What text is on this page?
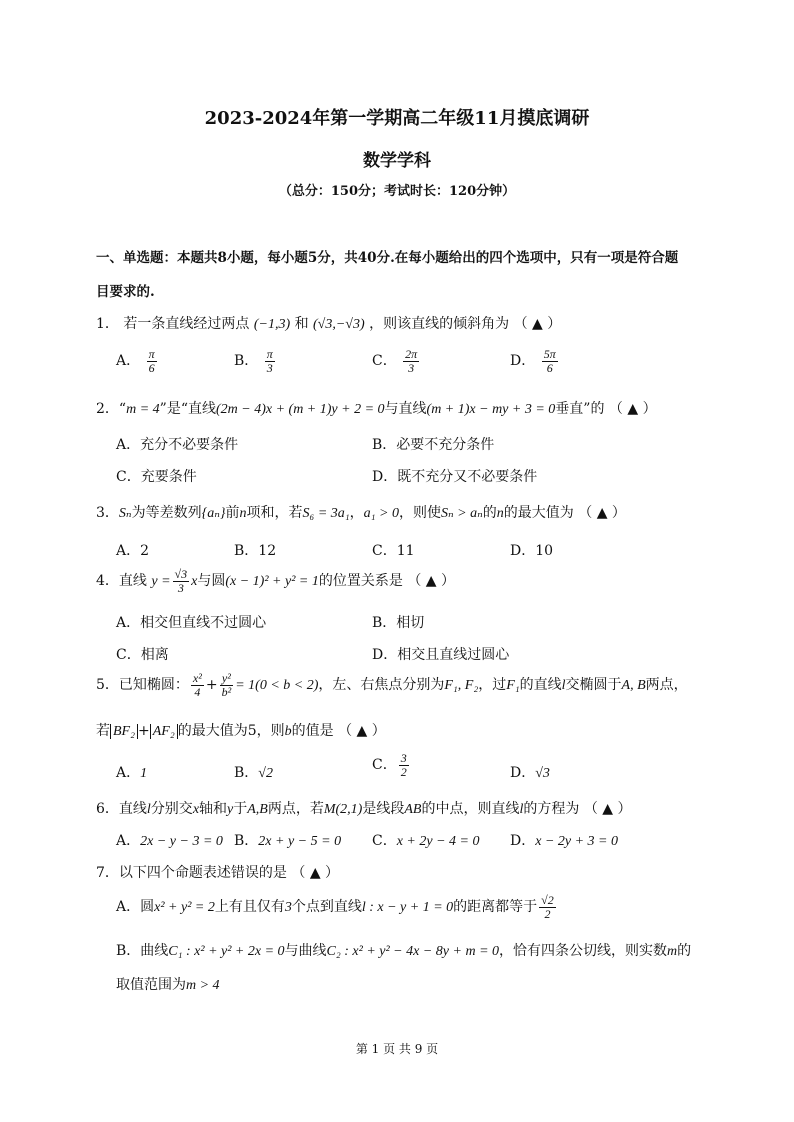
2023-2024年第一学期高二年级11月摸底调研
数学学科
（总分：150分；考试时长：120分钟）
一、单选题：本题共8小题，每小题5分，共40分.在每小题给出的四个选项中，只有一项是符合题
目要求的.
1． 若一条直线经过两点 (−1,3) 和 (√3,−√3) ，则该直线的倾斜角为 （ ▲ ）
A． $\frac{\pi}{6}$	B． $\frac{\pi}{3}$	C． $\frac{2\pi}{3}$	D． $\frac{5\pi}{6}$
2．“m = 4”是“直线(2m − 4)x + (m + 1)y + 2 = 0与直线(m + 1)x − my + 3 = 0垂直”的 （ ▲ ）
A．充分不必要条件	B．必要不充分条件
C．充要条件	D．既不充分又不必要条件
3．Sₙ为等差数列{aₙ}前n项和，若S₆ = 3a₁，a₁ > 0，则使Sₙ > aₙ的n的最大值为 （ ▲ ）
A．2	B．12	C．11	D．10
4．直线 $y = \frac{√3}{3}$ x与圆(x − 1)² + y² = 1的位置关系是 （ ▲ ）
A．相交但直线不过圆心	B．相切
C．相离	D．相交且直线过圆心
5．已知椭圆： $\frac{\text{x²}}{4} + \frac{\text{y²}}{\text{b²}} = 1(0 < b < 2)$，左、右焦点分别为F₁, F₂，过F₁的直线l交椭圆于A, B两点，
若 BF₂ + AF₂ 的最大值为5，则b的值是 （ ▲ ）
A．1	B．√2
C． $\frac{3}{2}$	D．√3
6．直线l分别交x轴和y于A,B两点，若M(2,1)是线段AB的中点，则直线l的方程为 （ ▲ ）
A．2x − y − 3 = 0 B．2x + y − 5 = 0 C．x + 2y − 4 = 0 D．x − 2y + 3 = 0
7．以下四个命题表述错误的是 （ ▲ ）
A．圆x² + y² = 2上有且仅有3个点到直线l : x − y + 1 = 0的距离都等于 $\frac{√2}{2}$
B．曲线C₁ : x² + y² + 2x = 0与曲线C₂ : x² + y² − 4x − 8y + m = 0，恰有四条公切线，则实数m的
取值范围为m > 4
第 1 页 共 9 页
